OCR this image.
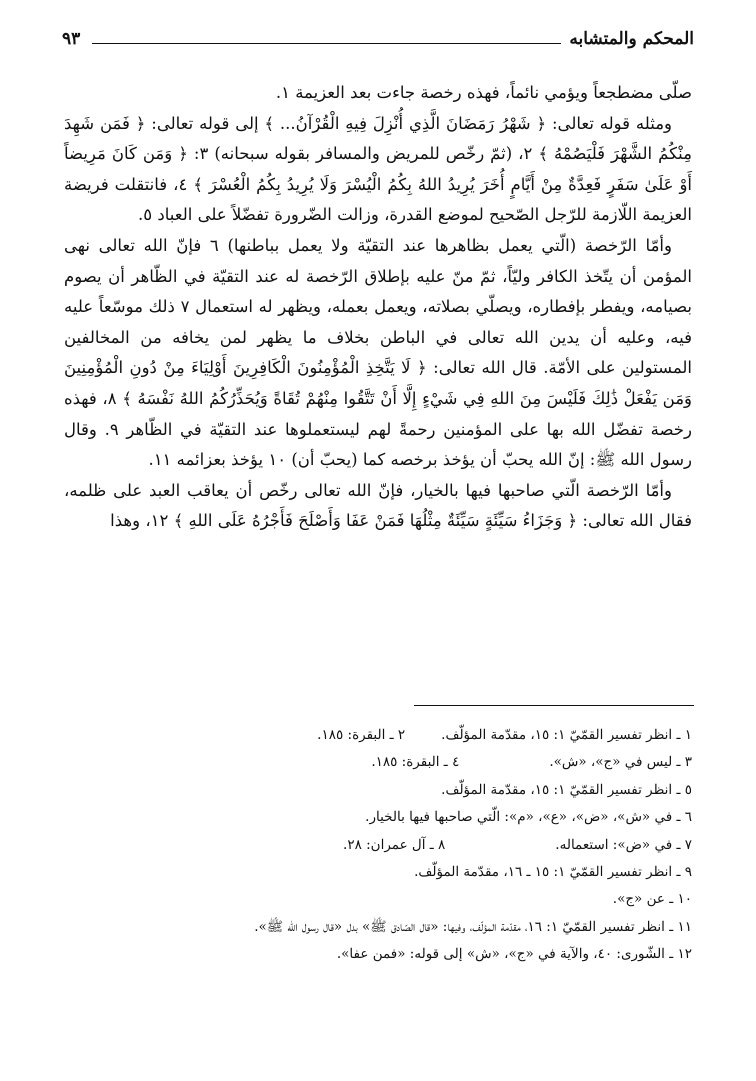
المحكم والمتشابه
٩٣

صلّى مضطجعاً ويؤمي نائماً، فهذه رخصة جاءت بعد العزيمة ١.

ومثله قوله تعالى: ﴿ شَهْرُ رَمَضَانَ الَّذِي أُنْزِلَ فِيهِ الْقُرْآنُ... ﴾ إلى قوله تعالى: ﴿ فَمَن شَهِدَ مِنْكُمُ الشَّهْرَ فَلْيَصُمْهُ ﴾ ٢، (ثمّ رخّص للمريض والمسافر بقوله سبحانه) ٣: ﴿ وَمَن كَانَ مَرِيضاً أَوْ عَلَىٰ سَفَرٍ فَعِدَّةٌ مِنْ أَيَّامٍ أُخَرَ يُرِيدُ اللهُ بِكُمُ الْيُسْرَ وَلَا يُرِيدُ بِكُمُ الْعُسْرَ ﴾ ٤، فانتقلت فريضة العزيمة اللّازمة للرّجل الصّحيح لموضع القدرة، وزالت الضّرورة تفضّلاً على العباد ٥.

وأمّا الرّخصة (الّتي يعمل بظاهرها عند التقيّة ولا يعمل بباطنها) ٦ فإنّ الله تعالى نهى المؤمن أن يتّخذ الكافر وليّاً، ثمّ منّ عليه بإطلاق الرّخصة له عند التقيّة في الظّاهر أن يصوم بصيامه، ويفطر بإفطاره، ويصلّي بصلاته، ويعمل بعمله، ويظهر له استعمال ٧ ذلك موسّعاً عليه فيه، وعليه أن يدين الله تعالى في الباطن بخلاف ما يظهر لمن يخافه من المخالفين المستولين على الأمّة. قال الله تعالى: ﴿ لَا يَتَّخِذِ الْمُؤْمِنُونَ الْكَافِرِينَ أَوْلِيَاءَ مِنْ دُونِ الْمُؤْمِنِينَ وَمَن يَفْعَلْ ذَٰلِكَ فَلَيْسَ مِنَ اللهِ فِي شَيْءٍ إِلَّا أَنْ تَتَّقُوا مِنْهُمْ تُقَاةً وَيُحَذِّرُكُمُ اللهُ نَفْسَهُ ﴾ ٨، فهذه رخصة تفضّل الله بها على المؤمنين رحمةً لهم ليستعملوها عند التقيّة في الظّاهر ٩. وقال رسول الله ﷺ: إنّ الله يحبّ أن يؤخذ برخصه كما (يحبّ أن) ١٠ يؤخذ بعزائمه ١١.

وأمّا الرّخصة الّتي صاحبها فيها بالخيار، فإنّ الله تعالى رخّص أن يعاقب العبد على ظلمه، فقال الله تعالى: ﴿ وَجَزَاءُ سَيِّئَةٍ سَيِّئَةٌ مِثْلُهَا فَمَنْ عَفَا وَأَصْلَحَ فَأَجْرُهُ عَلَى اللهِ ﴾ ١٢، وهذا

١ ـ انظر تفسير القمّيّ ١: ١٥، مقدّمة المؤلّف.٢ ـ البقرة: ١٨٥.
٣ ـ ليس في «ج»، «ش».٤ ـ البقرة: ١٨٥.
٥ ـ انظر تفسير القمّيّ ١: ١٥، مقدّمة المؤلّف.
٦ ـ في «ش»، «ض»، «ع»، «م»: الّتي صاحبها فيها بالخيار.
٧ ـ في «ض»: استعماله.٨ ـ آل عمران: ٢٨.
٩ ـ انظر تفسير القمّيّ ١: ١٥ ـ ١٦، مقدّمة المؤلّف.
١٠ ـ عن «ج».
١١ ـ انظر تفسير القمّيّ ١: ١٦، مقدّمة المؤلّف، وفيها: «قال الصّادق ﷺ» بدل «قال رسول الله ﷺ».
١٢ ـ الشّورى: ٤٠، والآية في «ج»، «ش» إلى قوله: «فمن عفا».
